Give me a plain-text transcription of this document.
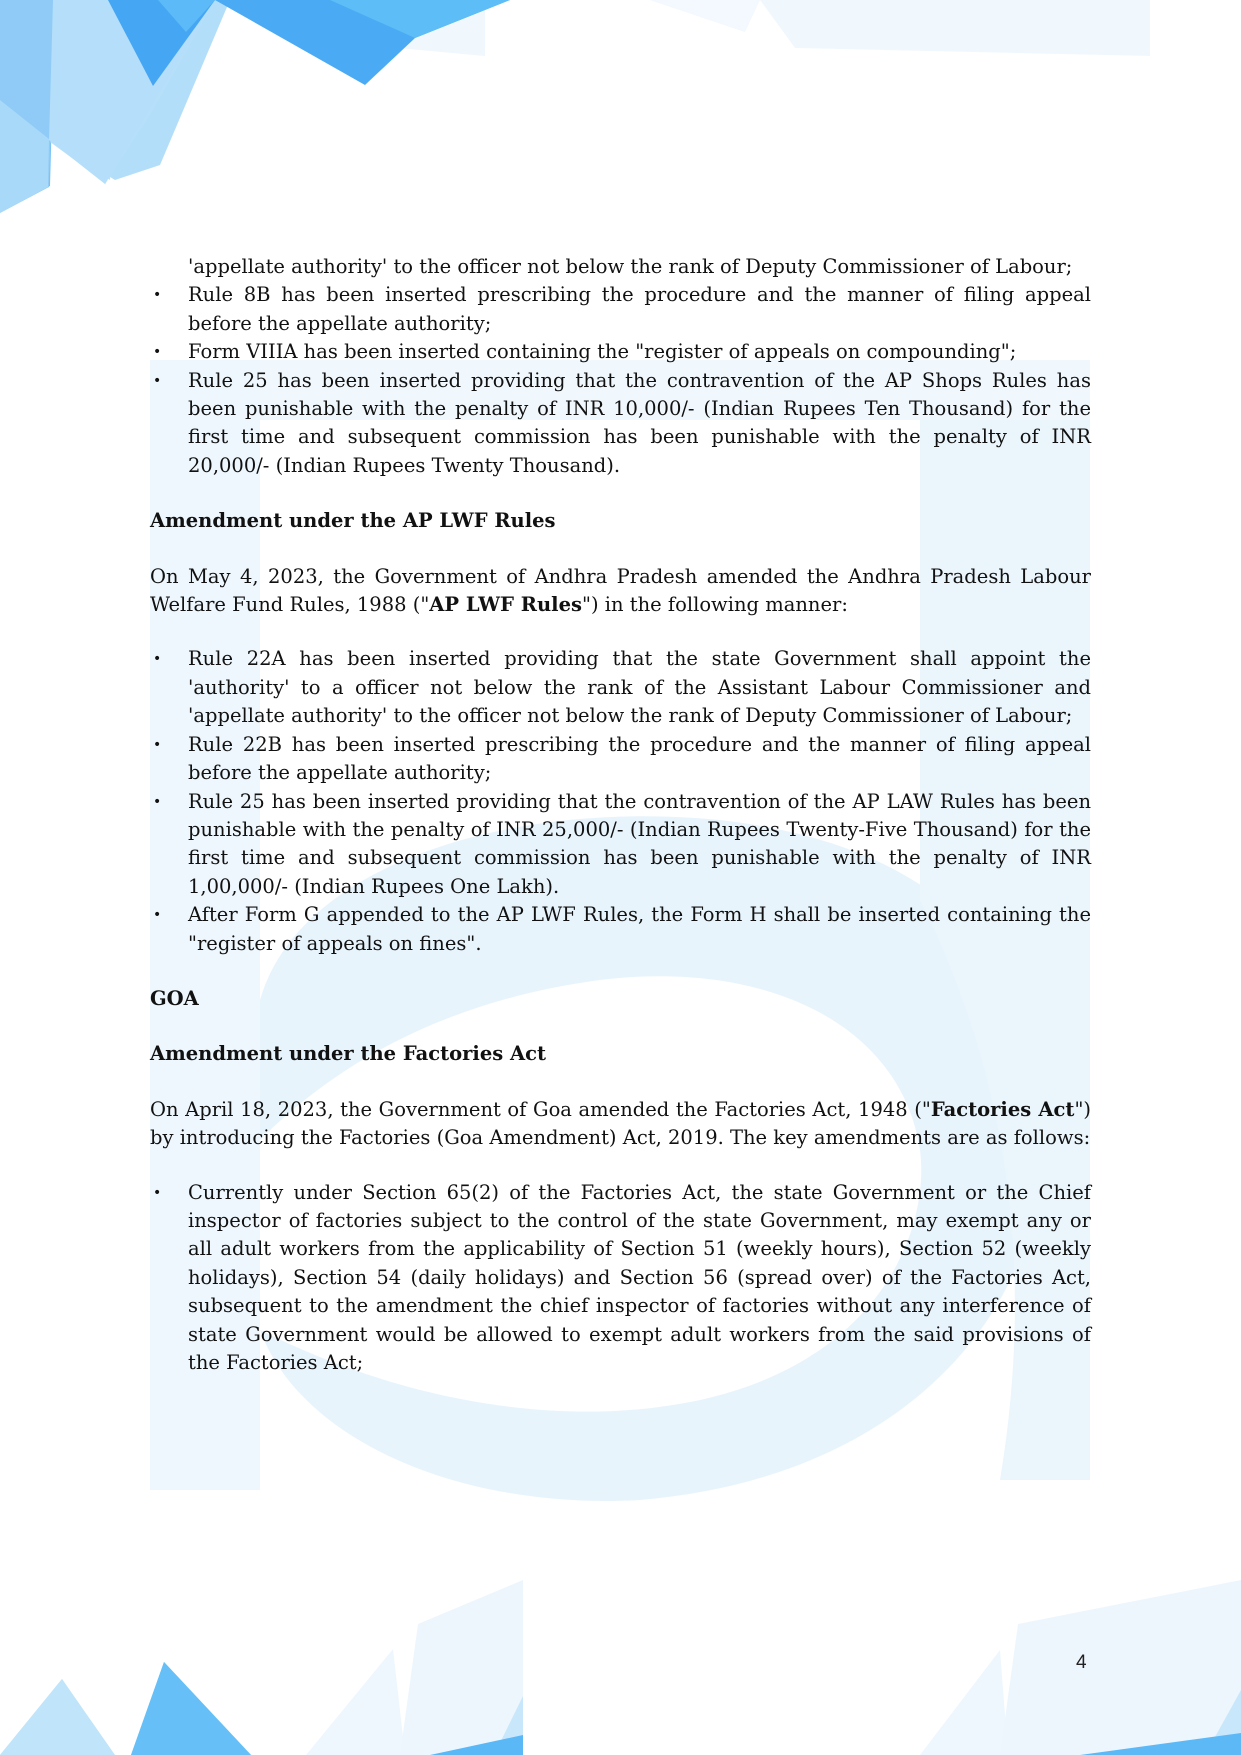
'appellate authority' to the officer not below the rank of Deputy Commissioner of Labour;
• Rule 8B has been inserted prescribing the procedure and the manner of filing appeal before the appellate authority;
• Form VIIIA has been inserted containing the "register of appeals on compounding";
• Rule 25 has been inserted providing that the contravention of the AP Shops Rules has been punishable with the penalty of INR 10,000/- (Indian Rupees Ten Thousand) for the first time and subsequent commission has been punishable with the penalty of INR 20,000/- (Indian Rupees Twenty Thousand).

Amendment under the AP LWF Rules

On May 4, 2023, the Government of Andhra Pradesh amended the Andhra Pradesh Labour Welfare Fund Rules, 1988 ("AP LWF Rules") in the following manner:

• Rule 22A has been inserted providing that the state Government shall appoint the 'authority' to a officer not below the rank of the Assistant Labour Commissioner and 'appellate authority' to the officer not below the rank of Deputy Commissioner of Labour;
• Rule 22B has been inserted prescribing the procedure and the manner of filing appeal before the appellate authority;
• Rule 25 has been inserted providing that the contravention of the AP LAW Rules has been punishable with the penalty of INR 25,000/- (Indian Rupees Twenty-Five Thousand) for the first time and subsequent commission has been punishable with the penalty of INR 1,00,000/- (Indian Rupees One Lakh).
• After Form G appended to the AP LWF Rules, the Form H shall be inserted containing the "register of appeals on fines".

GOA

Amendment under the Factories Act

On April 18, 2023, the Government of Goa amended the Factories Act, 1948 ("Factories Act") by introducing the Factories (Goa Amendment) Act, 2019. The key amendments are as follows:

• Currently under Section 65(2) of the Factories Act, the state Government or the Chief inspector of factories subject to the control of the state Government, may exempt any or all adult workers from the applicability of Section 51 (weekly hours), Section 52 (weekly holidays), Section 54 (daily holidays) and Section 56 (spread over) of the Factories Act, subsequent to the amendment the chief inspector of factories without any interference of state Government would be allowed to exempt adult workers from the said provisions of the Factories Act;
4
